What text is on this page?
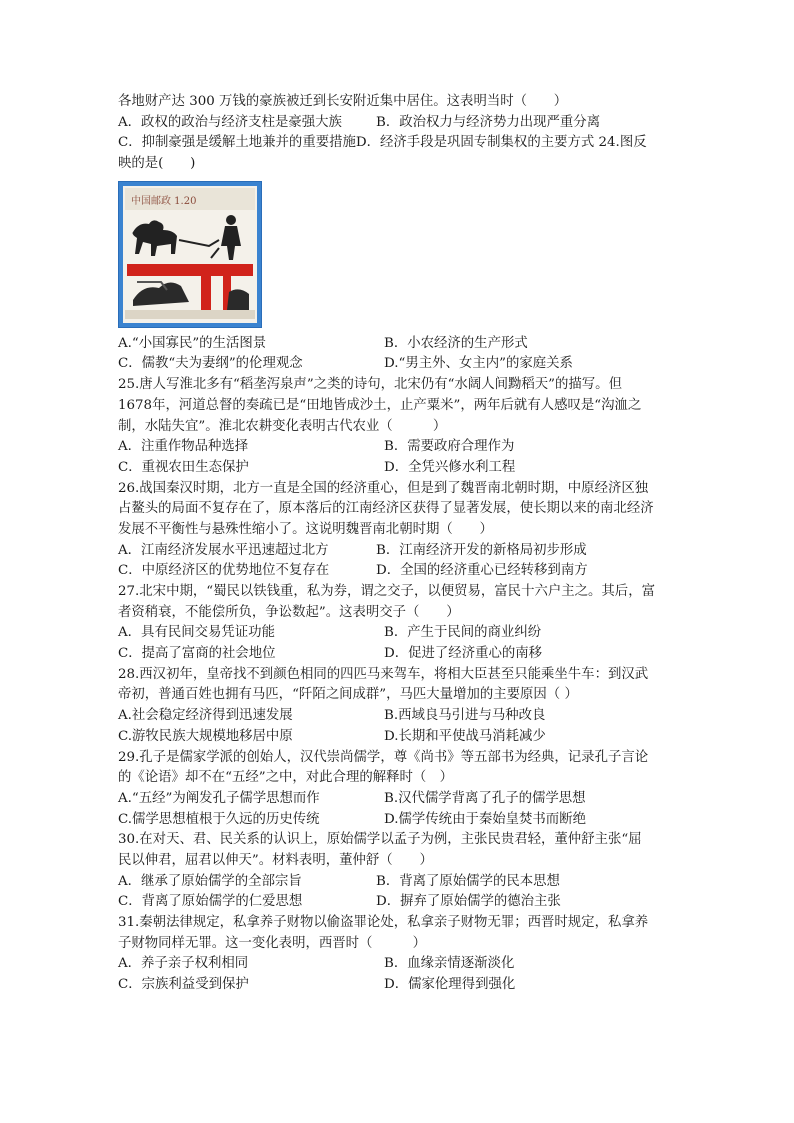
各地财产达 300 万钱的豪族被迁到长安附近集中居住。这表明当时（　　）
A．政权的政治与经济支柱是豪强大族	B．政治权力与经济势力出现严重分离
C．抑制豪强是缓解土地兼并的重要措施 D．经济手段是巩固专制集权的主要方式 24.图反
映的是(　　)
中国邮政 1.20
A.“小国寡民”的生活图景	B．小农经济的生产形式
C．儒教“夫为妻纲”的伦理观念	D.“男主外、女主内”的家庭关系
25.唐人写淮北多有“稻垄泻泉声”之类的诗句，北宋仍有“水阔人间黝稻天”的描写。但
1678年，河道总督的奏疏已是“田地皆成沙土，止产粟米”，两年后就有人感叹是“沟洫之
制，水陆失宜”。淮北农耕变化表明古代农业（　　　）
A．注重作物品种选择	B．需要政府合理作为
C．重视农田生态保护	D．全凭兴修水利工程
26.战国秦汉时期，北方一直是全国的经济重心，但是到了魏晋南北朝时期，中原经济区独
占鳌头的局面不复存在了，原本落后的江南经济区获得了显著发展，使长期以来的南北经济
发展不平衡性与悬殊性缩小了。这说明魏晋南北朝时期（　　）
A．江南经济发展水平迅速超过北方	B．江南经济开发的新格局初步形成
C．中原经济区的优势地位不复存在	D．全国的经济重心已经转移到南方
27.北宋中期，“蜀民以铁钱重，私为券，谓之交子，以便贸易，富民十六户主之。其后，富
者资稍衰，不能偿所负，争讼数起”。这表明交子（　　）
A．具有民间交易凭证功能	B．产生于民间的商业纠纷
C．提高了富商的社会地位	D．促进了经济重心的南移
28.西汉初年，皇帝找不到颜色相同的四匹马来驾车，将相大臣甚至只能乘坐牛车：到汉武
帝初，普通百姓也拥有马匹，“阡陌之间成群”，马匹大量增加的主要原因（ ）
A.社会稳定经济得到迅速发展	B.西域良马引进与马种改良
C.游牧民族大规模地移居中原	D.长期和平使战马消耗减少
29.孔子是儒家学派的创始人，汉代崇尚儒学，尊《尚书》等五部书为经典，记录孔子言论
的《论语》却不在“五经”之中，对此合理的解释时（　）
A.“五经”为阐发孔子儒学思想而作	B.汉代儒学背离了孔子的儒学思想
C.儒学思想植根于久远的历史传统	D.儒学传统由于秦始皇焚书而断绝
30.在对天、君、民关系的认识上，原始儒学以孟子为例，主张民贵君轻，董仲舒主张“屈
民以伸君，屈君以伸天”。材料表明，董仲舒（　　）
A．继承了原始儒学的全部宗旨	B．背离了原始儒学的民本思想
C．背离了原始儒学的仁爱思想	D．摒弃了原始儒学的德治主张
31.秦朝法律规定，私拿养子财物以偷盗罪论处，私拿亲子财物无罪；西晋时规定，私拿养
子财物同样无罪。这一变化表明，西晋时（　　　）
A．养子亲子权利相同	B．血缘亲情逐渐淡化
C．宗族利益受到保护	D．儒家伦理得到强化
